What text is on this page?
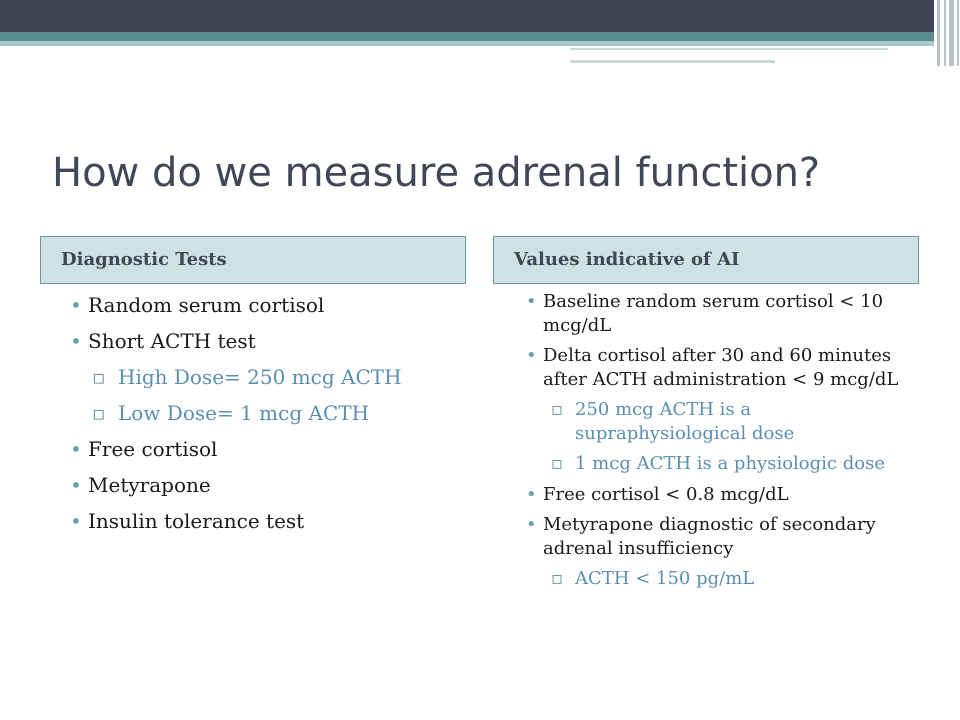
How do we measure adrenal function?
Diagnostic Tests	Values indicative of AI
• Random serum cortisol
• Short ACTH test
▫ High Dose= 250 mcg ACTH
▫ Low Dose= 1 mcg ACTH
• Free cortisol
• Metyrapone
• Insulin tolerance test
• Baseline random serum cortisol < 10 mcg/dL
• Delta cortisol after 30 and 60 minutes after ACTH administration < 9 mcg/dL
▫ 250 mcg ACTH is a supraphysiological dose
▫ 1 mcg ACTH is a physiologic dose
• Free cortisol < 0.8 mcg/dL
• Metyrapone diagnostic of secondary adrenal insufficiency
▫ ACTH < 150 pg/mL
